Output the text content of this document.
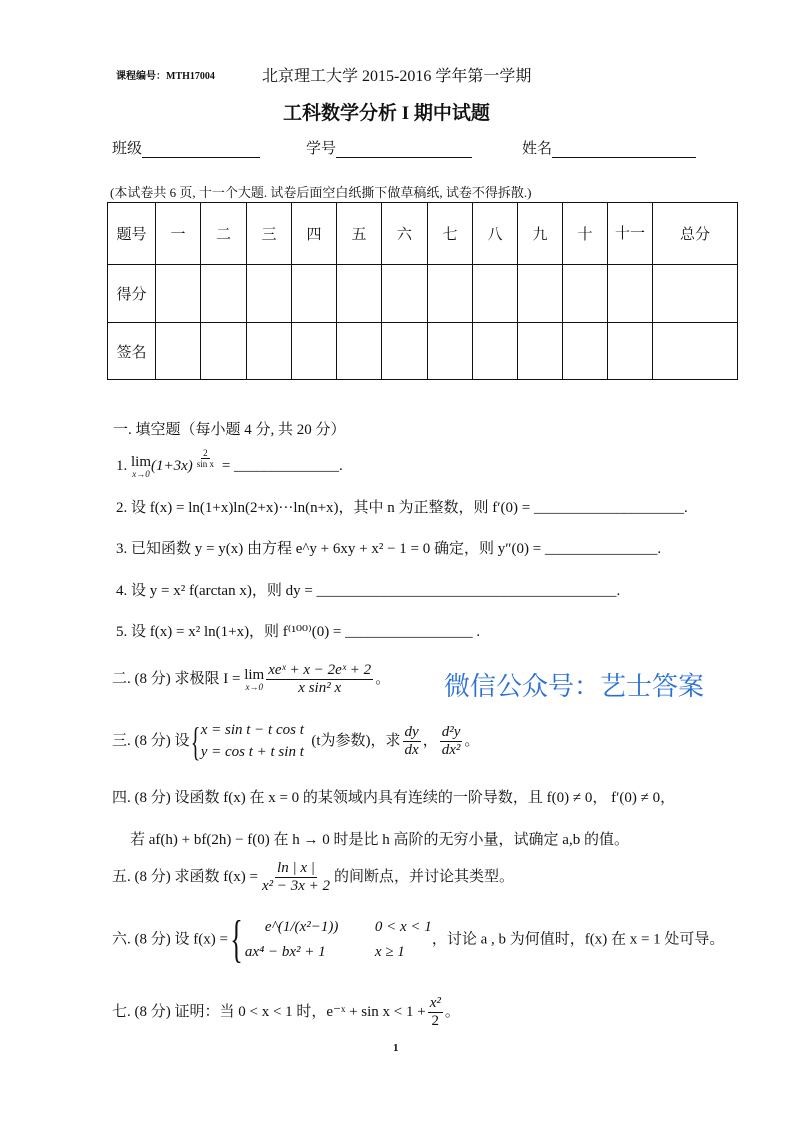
课程编号：MTH17004	北京理工大学 2015-2016 学年第一学期
工科数学分析 I 期中试题
班级	学号	姓名
(本试卷共 6 页, 十一个大题. 试卷后面空白纸撕下做草稿纸, 试卷不得拆散.)
题号	一	二	三	四	五	六	七	八	九	十	十一	总分
得分												
签名												
一. 填空题（每小题 4 分, 共 20 分）
1. lim
x→0 $(1+3x) \frac{2}{\text{sin x}}$ = ______________.
2. 设 f(x) = ln(1+x)ln(2+x)···ln(n+x)，其中 n 为正整数，则 f′(0) = ____________________.
3. 已知函数 y = y(x) 由方程 e^y + 6xy + x² − 1 = 0 确定，则 y″(0) = _______________.
4. 设 y = x² f(arctan x)，则 dy = ________________________________________.
5. 设 f(x) = x² ln(1+x)，则 f⁽¹⁰⁰⁾(0) = _________________ .
二. (8 分) 求极限 I = lim
$x\to 0 \frac{\text{xeˣ + x − 2eˣ + 2}}{\text{x sin² x}}$ 。
三. (8 分) 设{ x = sin t − t cos t
y = cos t + t sin t
(t为参数)，求 $\frac{dy}{dx}$ ， $\frac{\text{d²y}}{\text{dx²}}$ 。
四. (8 分) 设函数 f(x) 在 x = 0 的某领域内具有连续的一阶导数，且 f(0) ≠ 0， f′(0) ≠ 0，
若 af(h) + bf(2h) − f(0) 在 h → 0 时是比 h 高阶的无穷小量，试确定 a,b 的值。
五. (8 分) 求函数 $f(x) = \frac{\ln | x |}{\text{x² − 3x + 2}}$ 的间断点，并讨论其类型。
六. (8 分) 设 f(x) ={	e^(1/(x²−1)) 0 < x < 1
ax⁴ − bx² + 1	x ≥ 1
，讨论 a , b 为何值时，f(x) 在 x = 1 处可导。
七. (8 分) 证明：当 0 < x < 1 时，e⁻ˣ + $\sin x < 1 + \frac{\text{x²}}{2}$ 。
1
微信公众号：艺士答案
